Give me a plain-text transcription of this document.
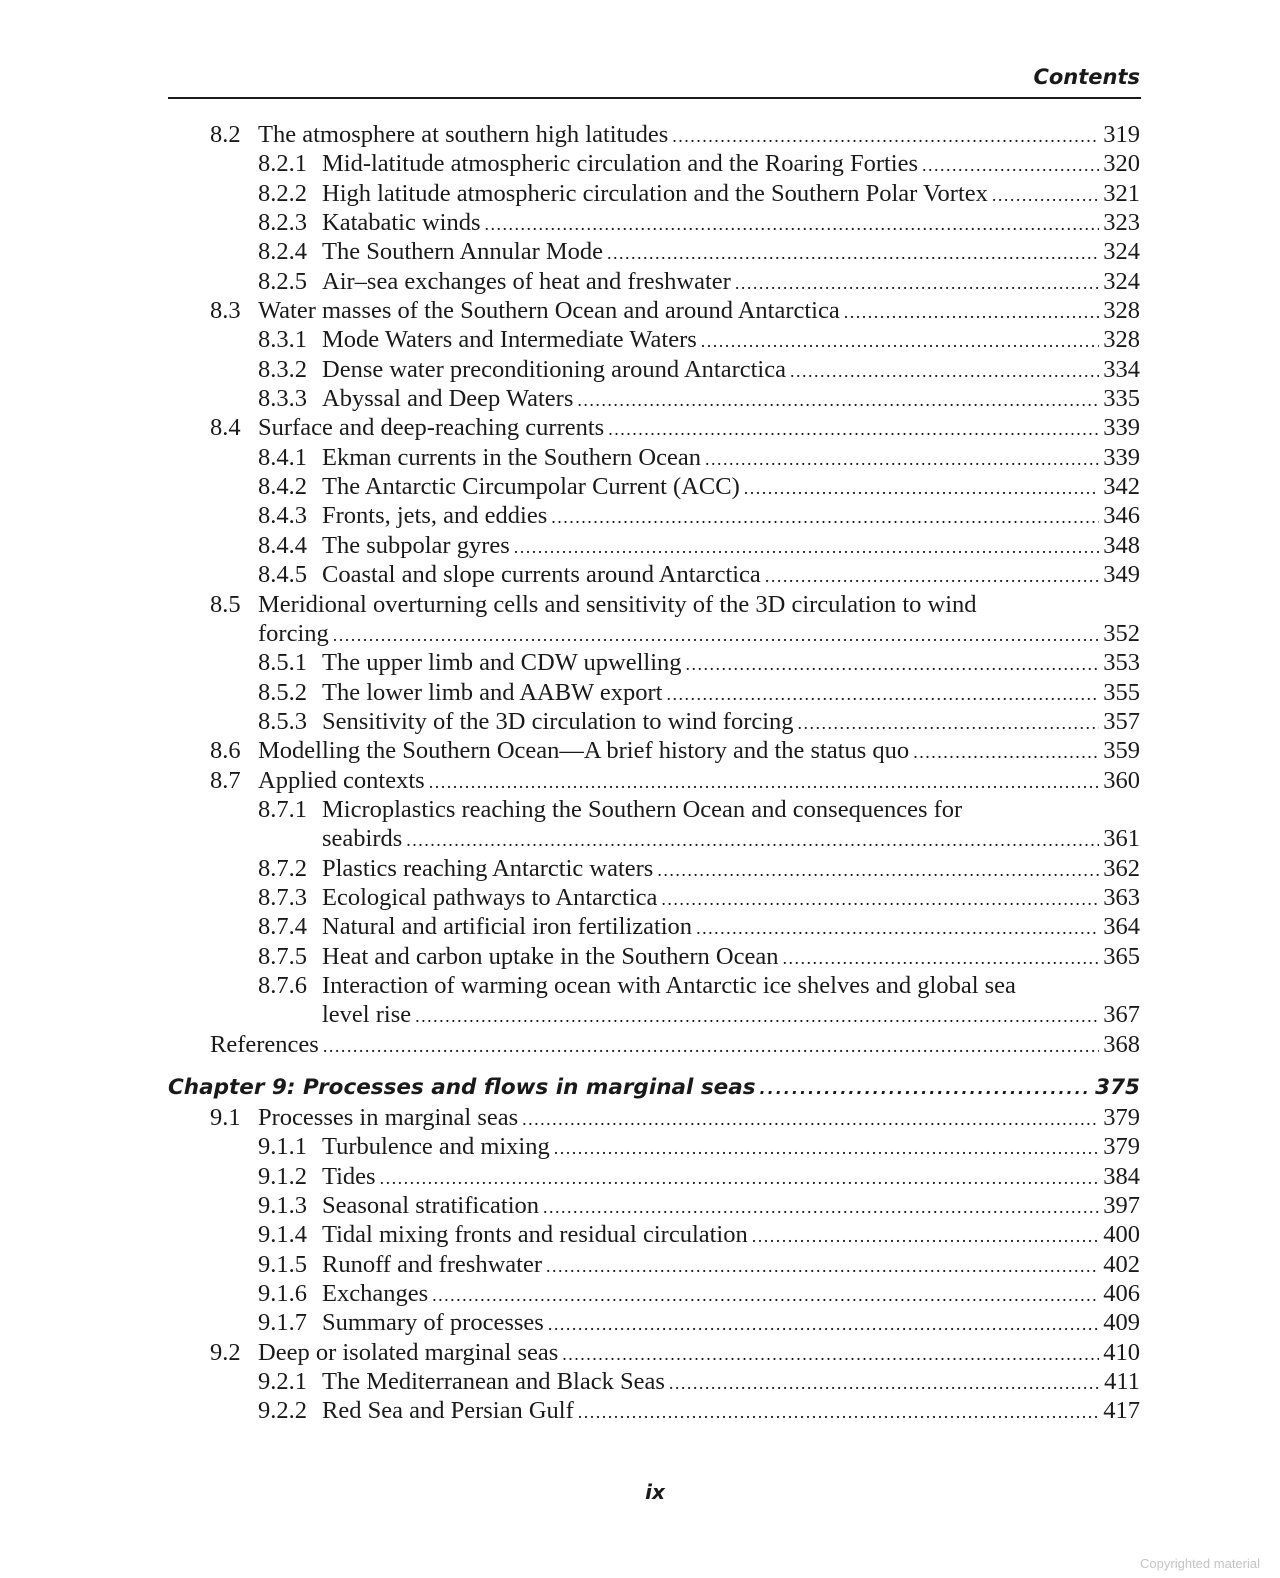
Contents
8.2 The atmosphere at southern high latitudes .....	319
8.2.1 Mid-latitude atmospheric circulation and the Roaring Forties .....	320
8.2.2 High latitude atmospheric circulation and the Southern Polar Vortex .....	321
8.2.3 Katabatic winds .....	323
8.2.4 The Southern Annular Mode .....	324
8.2.5 Air–sea exchanges of heat and freshwater .....	324
8.3 Water masses of the Southern Ocean and around Antarctica .....	328
8.3.1 Mode Waters and Intermediate Waters .....	328
8.3.2 Dense water preconditioning around Antarctica .....	334
8.3.3 Abyssal and Deep Waters .....	335
8.4 Surface and deep-reaching currents .....	339
8.4.1 Ekman currents in the Southern Ocean .....	339
8.4.2 The Antarctic Circumpolar Current (ACC) .....	342
8.4.3 Fronts, jets, and eddies .....	346
8.4.4 The subpolar gyres .....	348
8.4.5 Coastal and slope currents around Antarctica .....	349
8.5 Meridional overturning cells and sensitivity of the 3D circulation to wind
forcing .....	352
8.5.1 The upper limb and CDW upwelling .....	353
8.5.2 The lower limb and AABW export .....	355
8.5.3 Sensitivity of the 3D circulation to wind forcing .....	357
8.6 Modelling the Southern Ocean—A brief history and the status quo .....	359
8.7 Applied contexts .....	360
8.7.1 Microplastics reaching the Southern Ocean and consequences for
seabirds .....	361
8.7.2 Plastics reaching Antarctic waters .....	362
8.7.3 Ecological pathways to Antarctica .....	363
8.7.4 Natural and artificial iron fertilization .....	364
8.7.5 Heat and carbon uptake in the Southern Ocean .....	365
8.7.6 Interaction of warming ocean with Antarctic ice shelves and global sea
level rise .....	367
References .....	368
Chapter 9: Processes and flows in marginal seas .....	375
9.1 Processes in marginal seas .....	379
9.1.1 Turbulence and mixing .....	379
9.1.2 Tides .....	384
9.1.3 Seasonal stratification .....	397
9.1.4 Tidal mixing fronts and residual circulation .....	400
9.1.5 Runoff and freshwater .....	402
9.1.6 Exchanges .....	406
9.1.7 Summary of processes .....	409
9.2 Deep or isolated marginal seas .....	410
9.2.1 The Mediterranean and Black Seas .....	411
9.2.2 Red Sea and Persian Gulf .....	417
ix
Copyrighted material
